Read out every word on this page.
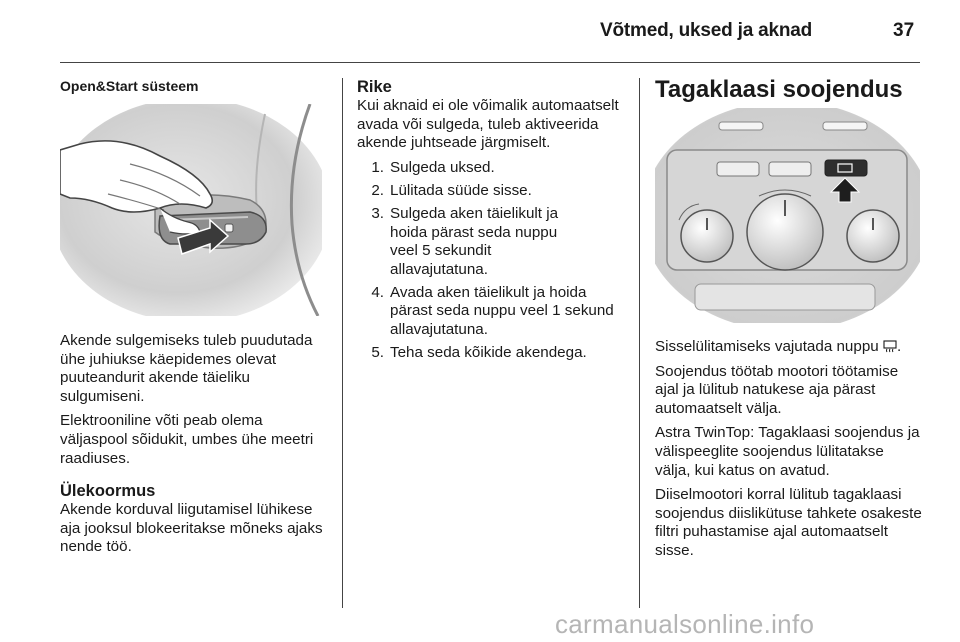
Võtmed, uksed ja aknad	37
Open&Start süsteem

Akende sulgemiseks tuleb puudutada ühe juhiukse käepidemes olevat puuteandurit akende täieliku sulgumiseni.

Elektrooniline võti peab olema väljaspool sõidukit, umbes ühe meetri raadiuses.

Ülekoormus

Akende korduval liigutamisel lühikese aja jooksul blokeeritakse mõneks ajaks nende töö.

Rike

Kui aknaid ei ole võimalik automaatselt avada või sulgeda, tuleb aktiveerida akende juhtseade järgmiselt.

1. Sulgeda uksed.
2. Lülitada süüde sisse.
3. Sulgeda aken täielikult ja hoida pärast seda nuppu veel 5 sekundit allavajutatuna.
4. Avada aken täielikult ja hoida pärast seda nuppu veel 1 sekund allavajutatuna.
5. Teha seda kõikide akendega.
Tagaklaasi soojendus

Sisselülitamiseks vajutada nuppu .

Soojendus töötab mootori töötamise ajal ja lülitub natukese aja pärast automaatselt välja.

Astra TwinTop: Tagaklaasi soojendus ja välispeeglite soojendus lülitatakse välja, kui katus on avatud.

Diiselmootori korral lülitub tagaklaasi soojendus diislikütuse tahkete osakeste filtri puhastamise ajal automaatselt sisse.

carmanualsonline.info
